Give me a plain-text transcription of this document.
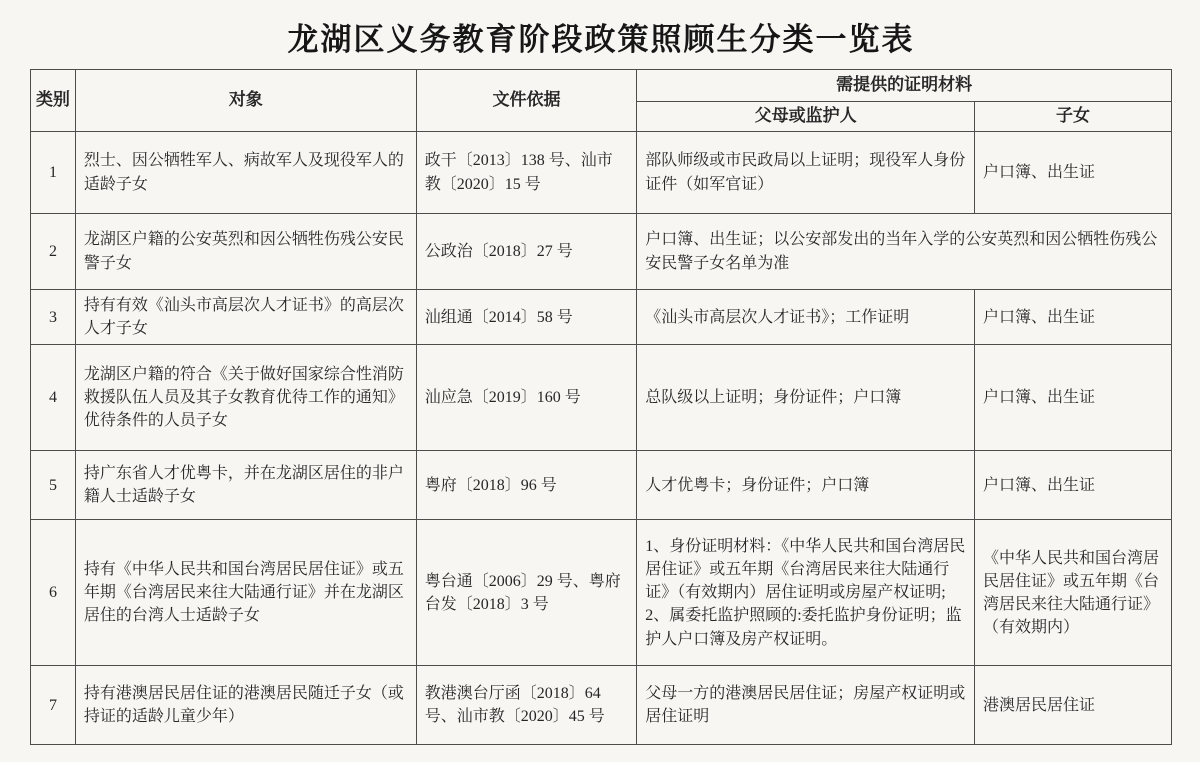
龙湖区义务教育阶段政策照顾生分类一览表
类别	对象	文件依据	需提供的证明材料	
			父母或监护人	子女
1	烈士、因公牺牲军人、病故军人及现役军人的适龄子女	政干〔2013〕138 号、汕市教〔2020〕15 号	部队师级或市民政局以上证明；现役军人身份证件（如军官证）	户口簿、出生证
2	龙湖区户籍的公安英烈和因公牺牲伤残公安民警子女	公政治〔2018〕27 号	户口簿、出生证；以公安部发出的当年入学的公安英烈和因公牺牲伤残公安民警子女名单为准	
3	持有有效《汕头市高层次人才证书》的高层次人才子女	汕组通〔2014〕58 号	《汕头市高层次人才证书》；工作证明	户口簿、出生证
4	龙湖区户籍的符合《关于做好国家综合性消防救援队伍人员及其子女教育优待工作的通知》优待条件的人员子女	汕应急〔2019〕160 号	总队级以上证明；身份证件；户口簿	户口簿、出生证
5	持广东省人才优粤卡，并在龙湖区居住的非户籍人士适龄子女	粤府〔2018〕96 号	人才优粤卡；身份证件；户口簿	户口簿、出生证
6	持有《中华人民共和国台湾居民居住证》或五年期《台湾居民来往大陆通行证》并在龙湖区居住的台湾人士适龄子女	粤台通〔2006〕29 号、粤府台发〔2018〕3 号	1、身份证明材料：《中华人民共和国台湾居民居住证》或五年期《台湾居民来往大陆通行证》（有效期内）居住证明或房屋产权证明;2、属委托监护照顾的:委托监护身份证明；监护人户口簿及房产权证明。	《中华人民共和国台湾居民居住证》或五年期《台湾居民来往大陆通行证》（有效期内）
7	持有港澳居民居住证的港澳居民随迁子女（或持证的适龄儿童少年）	教港澳台厅函〔2018〕64 号、汕市教〔2020〕45 号	父母一方的港澳居民居住证；房屋产权证明或居住证明	港澳居民居住证
